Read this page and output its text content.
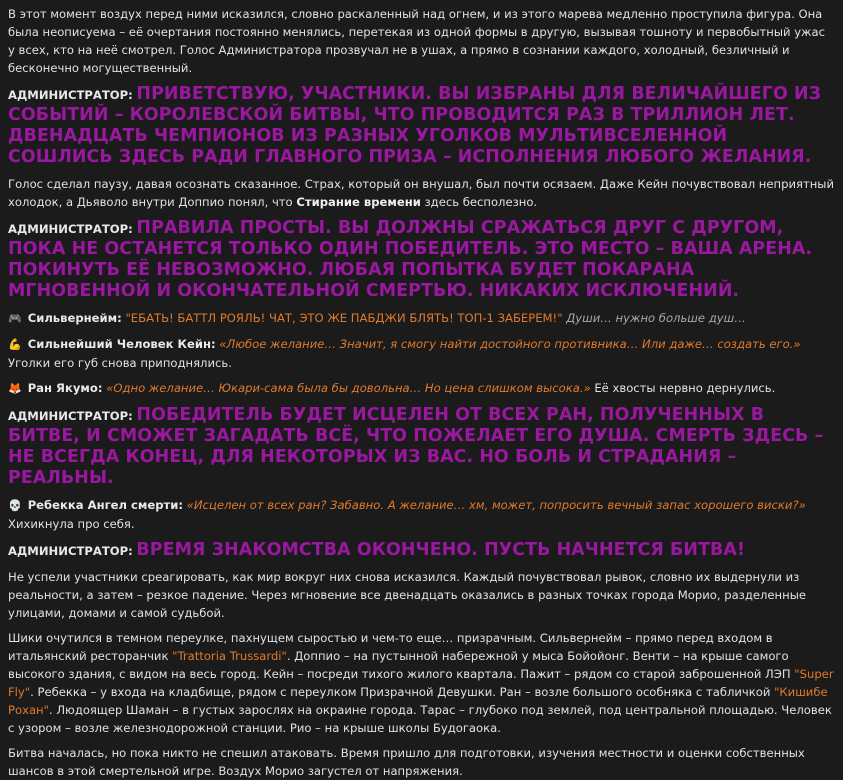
В этот момент воздух перед ними исказился, словно раскаленный над огнем, и из этого марева медленно проступила фигура. Она была неописуема – её очертания постоянно менялись, перетекая из одной формы в другую, вызывая тошноту и первобытный ужас у всех, кто на неё смотрел. Голос Администратора прозвучал не в ушах, а прямо в сознании каждого, холодный, безличный и бесконечно могущественный.

АДМИНИСТРАТОР: ПРИВЕТСТВУЮ, УЧАСТНИКИ. ВЫ ИЗБРАНЫ ДЛЯ ВЕЛИЧАЙШЕГО ИЗ СОБЫТИЙ – КОРОЛЕВСКОЙ БИТВЫ, ЧТО ПРОВОДИТСЯ РАЗ В ТРИЛЛИОН ЛЕТ. ДВЕНАДЦАТЬ ЧЕМПИОНОВ ИЗ РАЗНЫХ УГОЛКОВ МУЛЬТИВСЕЛЕННОЙ СОШЛИСЬ ЗДЕСЬ РАДИ ГЛАВНОГО ПРИЗА – ИСПОЛНЕНИЯ ЛЮБОГО ЖЕЛАНИЯ.

Голос сделал паузу, давая осознать сказанное. Страх, который он внушал, был почти осязаем. Даже Кейн почувствовал неприятный холодок, а Дьяволо внутри Доппио понял, что Стирание времени здесь бесполезно.

АДМИНИСТРАТОР: ПРАВИЛА ПРОСТЫ. ВЫ ДОЛЖНЫ СРАЖАТЬСЯ ДРУГ С ДРУГОМ, ПОКА НЕ ОСТАНЕТСЯ ТОЛЬКО ОДИН ПОБЕДИТЕЛЬ. ЭТО МЕСТО – ВАША АРЕНА. ПОКИНУТЬ ЕЁ НЕВОЗМОЖНО. ЛЮБАЯ ПОПЫТКА БУДЕТ ПОКАРАНА МГНОВЕННОЙ И ОКОНЧАТЕЛЬНОЙ СМЕРТЬЮ. НИКАКИХ ИСКЛЮЧЕНИЙ.
🎮 Сильвернейм: "ЕБАТЬ! БАТТЛ РОЯЛЬ! ЧАТ, ЭТО ЖЕ ПАБДЖИ БЛЯТЬ! ТОП-1 ЗАБЕРЕМ!" Души… нужно больше душ…
💪 Сильнейший Человек Кейн: «Любое желание… Значит, я смогу найти достойного противника… Или даже… создать его.» Уголки его губ снова приподнялись.
🦊 Ран Якумо: «Одно желание… Юкари-сама была бы довольна… Но цена слишком высока.» Её хвосты нервно дернулись.
АДМИНИСТРАТОР: ПОБЕДИТЕЛЬ БУДЕТ ИСЦЕЛЕН ОТ ВСЕХ РАН, ПОЛУЧЕННЫХ В БИТВЕ, И СМОЖЕТ ЗАГАДАТЬ ВСЁ, ЧТО ПОЖЕЛАЕТ ЕГО ДУША. СМЕРТЬ ЗДЕСЬ – НЕ ВСЕГДА КОНЕЦ, ДЛЯ НЕКОТОРЫХ ИЗ ВАС. НО БОЛЬ И СТРАДАНИЯ – РЕАЛЬНЫ.
💀 Ребекка Ангел смерти: «Исцелен от всех ран? Забавно. А желание… хм, может, попросить вечный запас хорошего виски?» Хихикнула про себя.
АДМИНИСТРАТОР: ВРЕМЯ ЗНАКОМСТВА ОКОНЧЕНО. ПУСТЬ НАЧНЕТСЯ БИТВА!

Не успели участники среагировать, как мир вокруг них снова исказился. Каждый почувствовал рывок, словно их выдернули из реальности, а затем – резкое падение. Через мгновение все двенадцать оказались в разных точках города Морио, разделенные улицами, домами и самой судьбой.

Шики очутился в темном переулке, пахнущем сыростью и чем-то еще… призрачным. Сильвернейм – прямо перед входом в итальянский ресторанчик "Trattoria Trussardi". Доппио – на пустынной набережной у мыса Бойойонг. Венти – на крыше самого высокого здания, с видом на весь город. Кейн – посреди тихого жилого квартала. Пажит – рядом со старой заброшенной ЛЭП "Super Fly". Ребекка – у входа на кладбище, рядом с переулком Призрачной Девушки. Ран – возле большого особняка с табличкой "Кишибе Рохан". Людоящер Шаман – в густых зарослях на окраине города. Тарас – глубоко под землей, под центральной площадью. Человек с узором – возле железнодорожной станции. Рио – на крыше школы Будогаока.

Битва началась, но пока никто не спешил атаковать. Время пришло для подготовки, изучения местности и оценки собственных шансов в этой смертельной игре. Воздух Морио загустел от напряжения.
